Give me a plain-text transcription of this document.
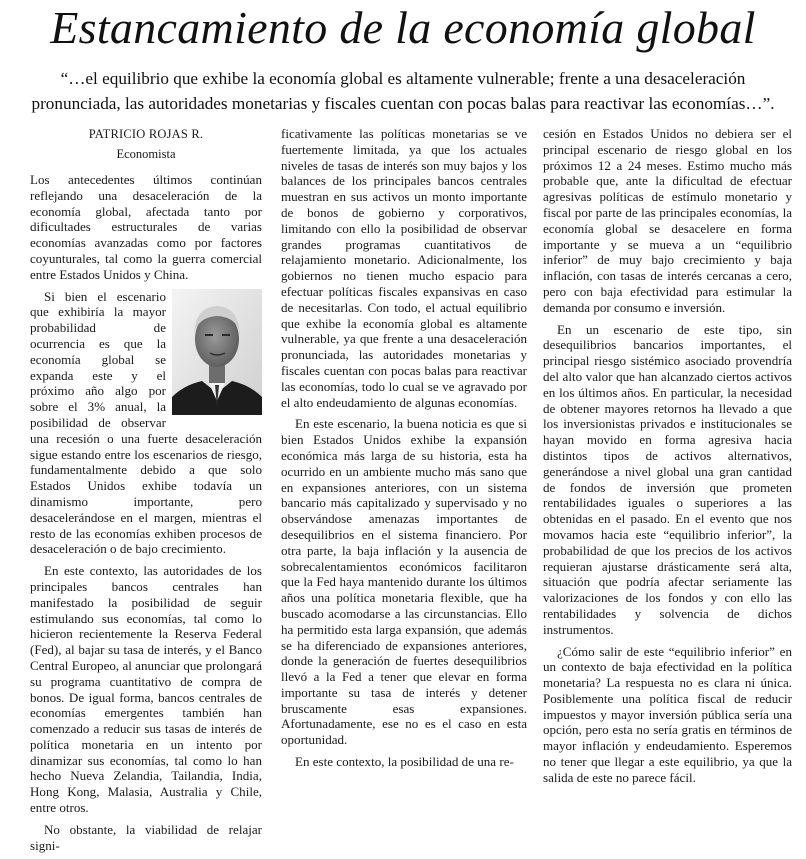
Estancamiento de la economía global
“…el equilibrio que exhibe la economía global es altamente vulnerable; frente a una desaceleración pronunciada, las autoridades monetarias y fiscales cuentan con pocas balas para reactivar las economías…”.
PATRICIO ROJAS R.
Economista

Los antecedentes últimos continúan reflejando una desaceleración de la economía global, afectada tanto por dificultades estructurales de varias economías avanzadas como por factores coyunturales, tal como la guerra comercial entre Estados Unidos y China.

Si bien el escenario que exhibiría la mayor probabilidad de ocurrencia es que la economía global se expanda este y el próximo año algo por sobre el 3% anual, la posibilidad de observar una recesión o una fuerte desaceleración sigue estando entre los escenarios de riesgo, fundamentalmente debido a que solo Estados Unidos exhibe todavía un dinamismo importante, pero desacelerándose en el margen, mientras el resto de las economías exhiben procesos de desaceleración o de bajo crecimiento.

En este contexto, las autoridades de los principales bancos centrales han manifestado la posibilidad de seguir estimulando sus economías, tal como lo hicieron recientemente la Reserva Federal (Fed), al bajar su tasa de interés, y el Banco Central Europeo, al anunciar que prolongará su programa cuantitativo de compra de bonos. De igual forma, bancos centrales de economías emergentes también han comenzado a reducir sus tasas de interés de política monetaria en un intento por dinamizar sus economías, tal como lo han hecho Nueva Zelandia, Tailandia, India, Hong Kong, Malasia, Australia y Chile, entre otros.

No obstante, la viabilidad de relajar signi-

ficativamente las políticas monetarias se ve fuertemente limitada, ya que los actuales niveles de tasas de interés son muy bajos y los balances de los principales bancos centrales muestran en sus activos un monto importante de bonos de gobierno y corporativos, limitando con ello la posibilidad de observar grandes programas cuantitativos de relajamiento monetario. Adicionalmente, los gobiernos no tienen mucho espacio para efectuar políticas fiscales expansivas en caso de necesitarlas. Con todo, el actual equilibrio que exhibe la economía global es altamente vulnerable, ya que frente a una desaceleración pronunciada, las autoridades monetarias y fiscales cuentan con pocas balas para reactivar las economías, todo lo cual se ve agravado por el alto endeudamiento de algunas economías.

En este escenario, la buena noticia es que si bien Estados Unidos exhibe la expansión económica más larga de su historia, esta ha ocurrido en un ambiente mucho más sano que en expansiones anteriores, con un sistema bancario más capitalizado y supervisado y no observándose amenazas importantes de desequilibrios en el sistema financiero. Por otra parte, la baja inflación y la ausencia de sobrecalentamientos económicos facilitaron que la Fed haya mantenido durante los últimos años una política monetaria flexible, que ha buscado acomodarse a las circunstancias. Ello ha permitido esta larga expansión, que además se ha diferenciado de expansiones anteriores, donde la generación de fuertes desequilibrios llevó a la Fed a tener que elevar en forma importante su tasa de interés y detener bruscamente esas expansiones. Afortunadamente, ese no es el caso en esta oportunidad.

En este contexto, la posibilidad de una re-

cesión en Estados Unidos no debiera ser el principal escenario de riesgo global en los próximos 12 a 24 meses. Estimo mucho más probable que, ante la dificultad de efectuar agresivas políticas de estímulo monetario y fiscal por parte de las principales economías, la economía global se desacelere en forma importante y se mueva a un “equilibrio inferior” de muy bajo crecimiento y baja inflación, con tasas de interés cercanas a cero, pero con baja efectividad para estimular la demanda por consumo e inversión.

En un escenario de este tipo, sin desequilibrios bancarios importantes, el principal riesgo sistémico asociado provendría del alto valor que han alcanzado ciertos activos en los últimos años. En particular, la necesidad de obtener mayores retornos ha llevado a que los inversionistas privados e institucionales se hayan movido en forma agresiva hacia distintos tipos de activos alternativos, generándose a nivel global una gran cantidad de fondos de inversión que prometen rentabilidades iguales o superiores a las obtenidas en el pasado. En el evento que nos movamos hacia este “equilibrio inferior”, la probabilidad de que los precios de los activos requieran ajustarse drásticamente será alta, situación que podría afectar seriamente las valorizaciones de los fondos y con ello las rentabilidades y solvencia de dichos instrumentos.

¿Cómo salir de este “equilibrio inferior” en un contexto de baja efectividad en la política monetaria? La respuesta no es clara ni única. Posiblemente una política fiscal de reducir impuestos y mayor inversión pública sería una opción, pero esta no sería gratis en términos de mayor inflación y endeudamiento. Esperemos no tener que llegar a este equilibrio, ya que la salida de este no parece fácil.
